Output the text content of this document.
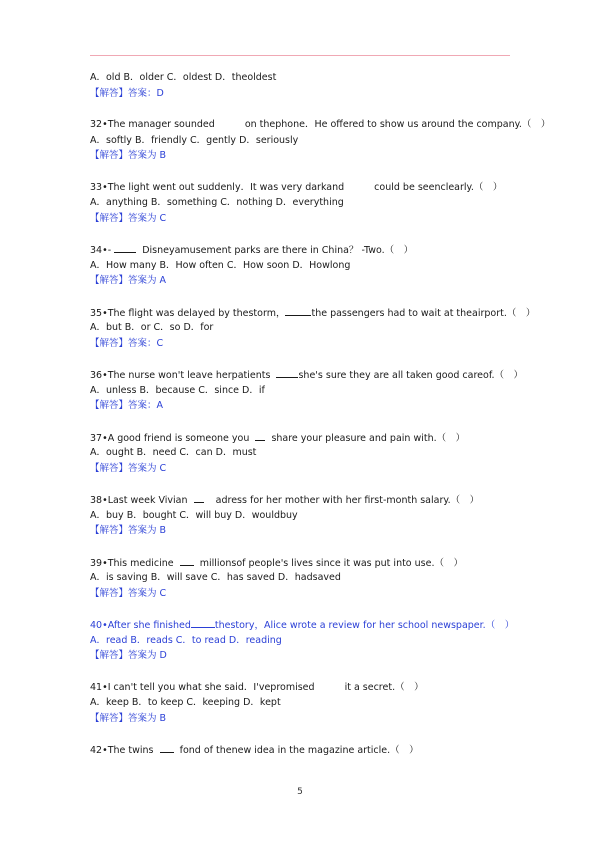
A．old B．older C．oldest D．theoldest
【解答】答案：D
32•The manager sounded	on thephone．He offered to show us around the company.（　）
A．softly B．friendly C．gently D．seriously
【解答】答案为 B
33•The light went out suddenly．It was very darkand	could be seenclearly.（　）
A．anything B．something C．nothing D．everything
【解答】答案为 C
34•-	Disneyamusement parks are there in China？ -Two.（　）
A．How many B．How often C．How soon D．Howlong
【解答】答案为 A
35•The flight was delayed by thestorm，	the passengers had to wait at theairport.（　）
A．but B．or C．so D．for
【解答】答案：C
36•The nurse won't leave herpatients	she's sure they are all taken good careof.（　）
A．unless B．because C．since D．if
【解答】答案：A
37•A good friend is someone you share your pleasure and pain with.（　）
A．ought B．need C．can D．must
【解答】答案为 C
38•Last week Vivian	adress for her mother with her first-month salary.（　）
A．buy B．bought C．will buy D．wouldbuy
【解答】答案为 B
39•This medicine	millionsof people's lives since it was put into use.（　）
A．is saving B．will save C．has saved D．hadsaved
【解答】答案为 C
40•After she finished	thestory，Alice wrote a review for her school newspaper.（　）
A．read B．reads C．to read D．reading
【解答】答案为 D
41•I can't tell you what she said．I'vepromised	it a secret.（　）
A．keep B．to keep C．keeping D．kept
【解答】答案为 B
42•The twins	fond of thenew idea in the magazine article.（　）
5
